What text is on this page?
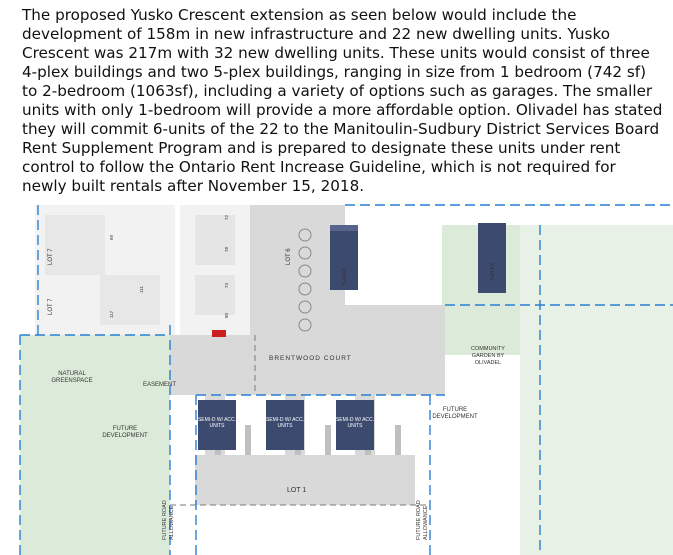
The proposed Yusko Crescent extension as seen below would include the
development of 158m in new infrastructure and 22 new dwelling units. Yusko
Crescent was 217m with 32 new dwelling units. These units would consist of three
4-plex buildings and two 5-plex buildings, ranging in size from 1 bedroom (742 sf)
to 2-bedroom (1063sf), including a variety of options such as garages. The smaller
units with only 1-bedroom will provide a more affordable option. Olivadel has stated
they will commit 6-units of the 22 to the Manitoulin-Sudbury District Services Board
Rent Supplement Program and is prepared to designate these units under rent
control to follow the Ontario Rent Increase Guideline, which is not required for
newly built rentals after November 15, 2018.
BRENTWOOD COURT
NATURAL
GREENSPACE
EASEMENT
FUTURE
DEVELOPMENT
FUTURE
DEVELOPMENT
COMMUNITY
GARDEN BY
OLIVADEL
LOT 1
SEMI-D W/ ACC.
UNITS
SEMI-D W/ ACC.
UNITS
SEMI-D W/ ACC.
UNITS
LOT 7
LOT 7
LOT 6
5-PLEX	5-PLEX
FUTURE ROAD ALLOWANCE	FUTURE ROAD ALLOWANCE
69
72
78
74
111
117	80
